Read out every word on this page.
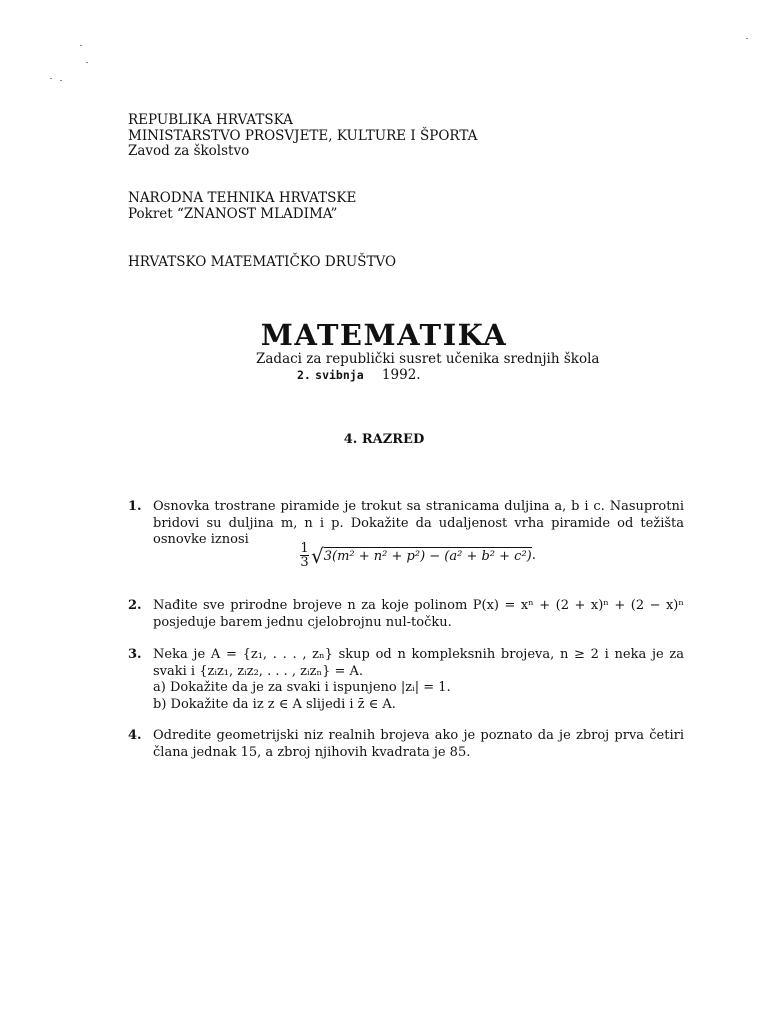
REPUBLIKA HRVATSKA
MINISTARSTVO PROSVJETE, KULTURE I ŠPORTA
Zavod za školstvo
NARODNA TEHNIKA HRVATSKE
Pokret “ZNANOST MLADIMA”
HRVATSKO MATEMATIČKO DRUŠTVO
MATEMATIKA
Zadaci za republički susret učenika srednjih škola
2. svibnja 1992.
4. RAZRED
1. Osnovka trostrane piramide je trokut sa stranicama duljina a, b i c. Nasuprotni bridovi su duljina m, n i p. Dokažite da udaljenost vrha piramide od težišta osnovke iznosi
$\frac{1}{3}$ √ 3(m² + n² + p²) − (a² + b² + c²) .
2. Nađite sve prirodne brojeve n za koje polinom P(x) = xⁿ + (2 + x)ⁿ + (2 − x)ⁿ posjeduje barem jednu cjelobrojnu nul-točku.
3. Neka je A = {z₁, . . . , zₙ} skup od n kompleksnih brojeva, n ≥ 2 i neka je za svaki i {zᵢz₁, zᵢz₂, . . . , zᵢzₙ} = A.
a) Dokažite da je za svaki i ispunjeno |zᵢ| = 1.
b) Dokažite da iz z ∈ A slijedi i z̄ ∈ A.
4. Odredite geometrijski niz realnih brojeva ako je poznato da je zbroj prva četiri člana jednak 15, a zbroj njihovih kvadrata je 85.
